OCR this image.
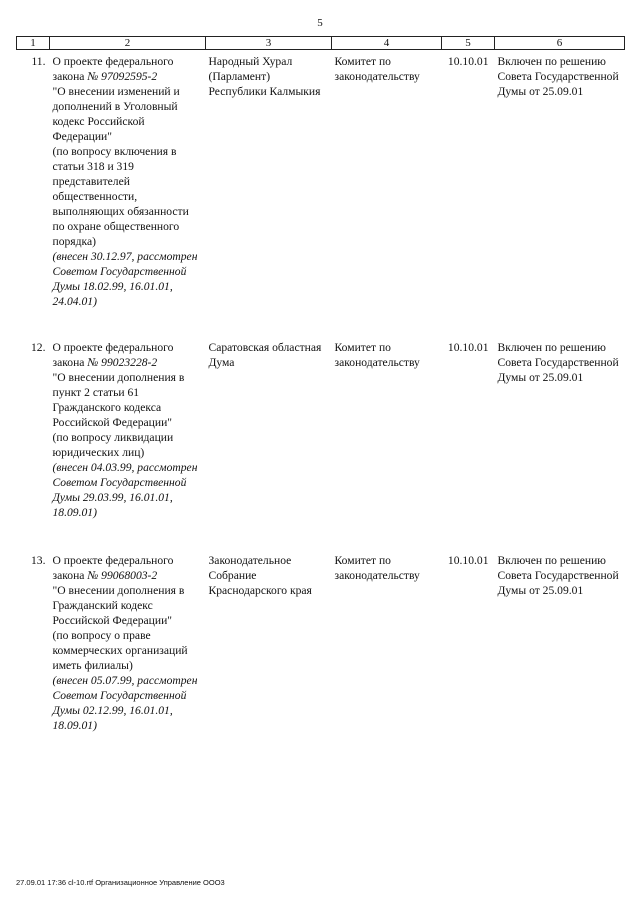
5
1	2	3	4	5	6
11.	О проекте федерального
закона № 97092595-2
"О внесении изменений и дополнений в Уголовный кодекс Российской Федерации"
(по вопросу включения в статьи 318 и 319 представителей общественности, выполняющих обязанности по охране общественного порядка)
(внесен 30.12.97, рассмотрен Советом Государственной Думы 18.02.99, 16.01.01, 24.04.01)	Народный Хурал (Парламент) Республики Калмыкия	Комитет по законодательству	10.10.01	Включен по решению Совета Государственной Думы от 25.09.01
12.	О проекте федерального
закона № 99023228-2
"О внесении дополнения в пункт 2 статьи 61 Гражданского кодекса Российской Федерации"
(по вопросу ликвидации юридических лиц)
(внесен 04.03.99, рассмотрен Советом Государственной Думы 29.03.99, 16.01.01, 18.09.01)	Саратовская областная Дума	Комитет по законодательству	10.10.01	Включен по решению Совета Государственной Думы от 25.09.01
13.	О проекте федерального
закона № 99068003-2
"О внесении дополнения в Гражданский кодекс Российской Федерации"
(по вопросу о праве коммерческих организаций иметь филиалы)
(внесен 05.07.99, рассмотрен Советом Государственной Думы 02.12.99, 16.01.01, 18.09.01)	Законодательное Собрание Краснодарского края	Комитет по законодательству	10.10.01	Включен по решению Совета Государственной Думы от 25.09.01
27.09.01 17:36 cl-10.rtf Организационное Управление ООО3
